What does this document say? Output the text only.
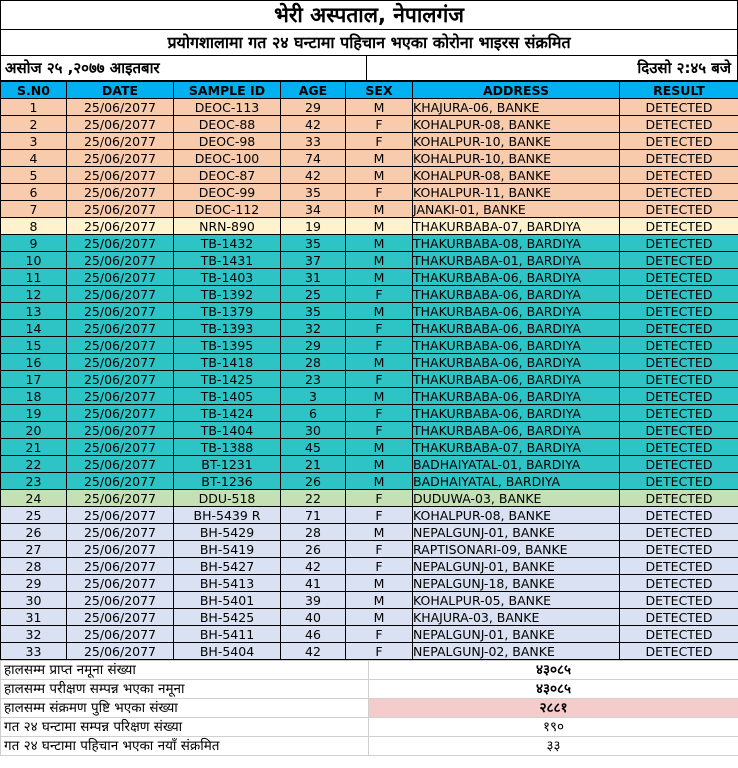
भेरी अस्पताल, नेपालगंज
प्रयोगशालामा गत २४ घन्टामा पहिचान भएका कोरोना भाइरस संक्रमित
असोज २५ ,२०७७ आइतबार	दिउसो २:४५ बजे
S.N0	DATE	SAMPLE ID	AGE	SEX	ADDRESS	RESULT
1	25/06/2077	DEOC-113	29	M	KHAJURA-06, BANKE	DETECTED
2	25/06/2077	DEOC-88	42	F	KOHALPUR-08, BANKE	DETECTED
3	25/06/2077	DEOC-98	33	F	KOHALPUR-10, BANKE	DETECTED
4	25/06/2077	DEOC-100	74	M	KOHALPUR-10, BANKE	DETECTED
5	25/06/2077	DEOC-87	42	M	KOHALPUR-08, BANKE	DETECTED
6	25/06/2077	DEOC-99	35	F	KOHALPUR-11, BANKE	DETECTED
7	25/06/2077	DEOC-112	34	M	JANAKI-01, BANKE	DETECTED
8	25/06/2077	NRN-890	19	M	THAKURBABA-07, BARDIYA	DETECTED
9	25/06/2077	TB-1432	35	M	THAKURBABA-08, BARDIYA	DETECTED
10	25/06/2077	TB-1431	37	M	THAKURBABA-01, BARDIYA	DETECTED
11	25/06/2077	TB-1403	31	M	THAKURBABA-06, BARDIYA	DETECTED
12	25/06/2077	TB-1392	25	F	THAKURBABA-06, BARDIYA	DETECTED
13	25/06/2077	TB-1379	35	M	THAKURBABA-06, BARDIYA	DETECTED
14	25/06/2077	TB-1393	32	F	THAKURBABA-06, BARDIYA	DETECTED
15	25/06/2077	TB-1395	29	F	THAKURBABA-06, BARDIYA	DETECTED
16	25/06/2077	TB-1418	28	M	THAKURBABA-06, BARDIYA	DETECTED
17	25/06/2077	TB-1425	23	F	THAKURBABA-06, BARDIYA	DETECTED
18	25/06/2077	TB-1405	3	M	THAKURBABA-06, BARDIYA	DETECTED
19	25/06/2077	TB-1424	6	F	THAKURBABA-06, BARDIYA	DETECTED
20	25/06/2077	TB-1404	30	F	THAKURBABA-06, BARDIYA	DETECTED
21	25/06/2077	TB-1388	45	M	THAKURBABA-07, BARDIYA	DETECTED
22	25/06/2077	BT-1231	21	M	BADHAIYATAL-01, BARDIYA	DETECTED
23	25/06/2077	BT-1236	26	M	BADHAIYATAL, BARDIYA	DETECTED
24	25/06/2077	DDU-518	22	F	DUDUWA-03, BANKE	DETECTED
25	25/06/2077	BH-5439 R	71	F	KOHALPUR-08, BANKE	DETECTED
26	25/06/2077	BH-5429	28	M	NEPALGUNJ-01, BANKE	DETECTED
27	25/06/2077	BH-5419	26	F	RAPTISONARI-09, BANKE	DETECTED
28	25/06/2077	BH-5427	42	F	NEPALGUNJ-01, BANKE	DETECTED
29	25/06/2077	BH-5413	41	M	NEPALGUNJ-18, BANKE	DETECTED
30	25/06/2077	BH-5401	39	M	KOHALPUR-05, BANKE	DETECTED
31	25/06/2077	BH-5425	40	M	KHAJURA-03, BANKE	DETECTED
32	25/06/2077	BH-5411	46	F	NEPALGUNJ-01, BANKE	DETECTED
33	25/06/2077	BH-5404	42	F	NEPALGUNJ-02, BANKE	DETECTED
हालसम्म प्राप्त नमूना संख्या	४३०८५
हालसम्म परीक्षण सम्पन्न भएका नमूना	४३०८५
हालसम्म संक्रमण पुष्टि भएका संख्या	२८८१
गत २४ घन्टामा सम्पन्न परिक्षण संख्या	१९०
गत २४ घन्टामा पहिचान भएका नयाँ संक्रमित	३३
